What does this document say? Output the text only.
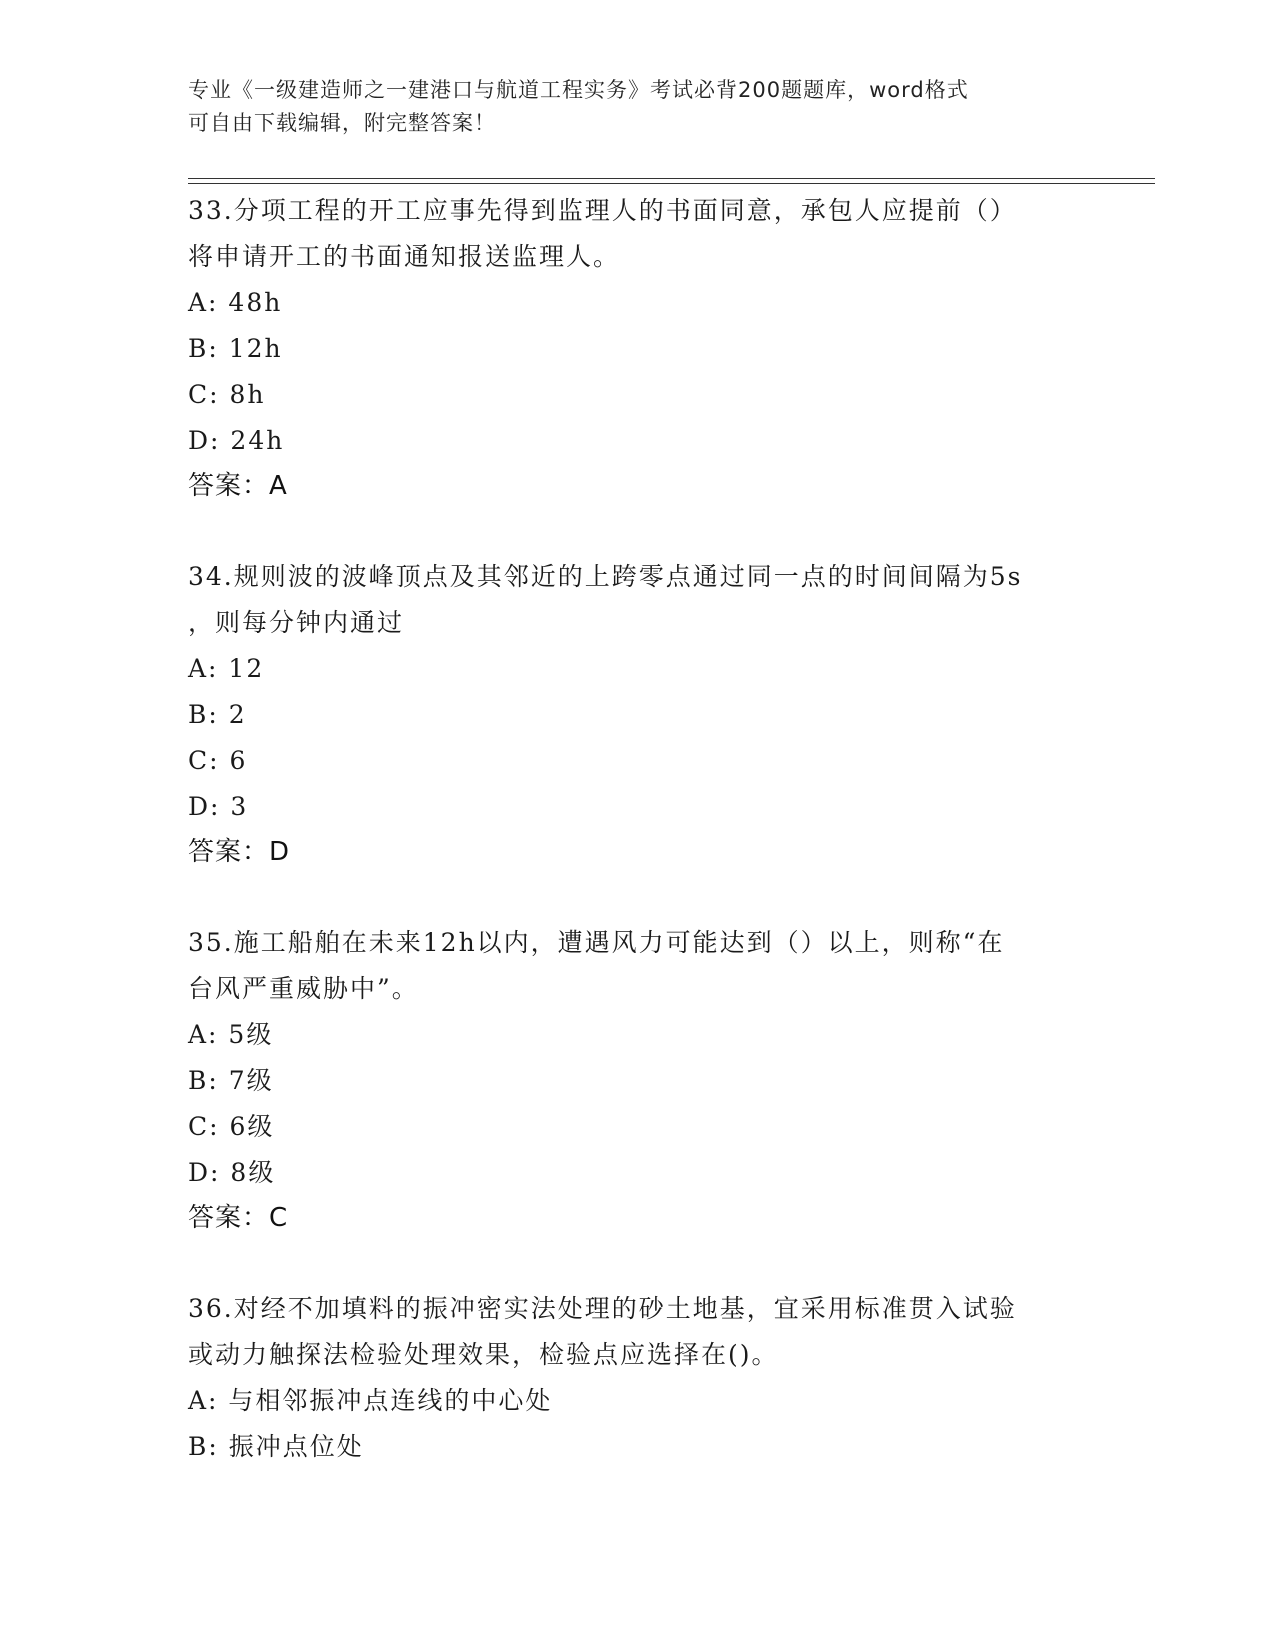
专业《一级建造师之一建港口与航道工程实务》考试必背200题题库，word格式
可自由下载编辑，附完整答案！
33.分项工程的开工应事先得到监理人的书面同意，承包人应提前（）
将申请开工的书面通知报送监理人。
A: 48h
B: 12h
C: 8h
D: 24h
答案：A
34.规则波的波峰顶点及其邻近的上跨零点通过同一点的时间间隔为5s
，则每分钟内通过
A: 12
B: 2
C: 6
D: 3
答案：D
35.施工船舶在未来12h以内，遭遇风力可能达到（）以上，则称“在
台风严重威胁中”。
A: 5级
B: 7级
C: 6级
D: 8级
答案：C
36.对经不加填料的振冲密实法处理的砂土地基，宜采用标准贯入试验
或动力触探法检验处理效果，检验点应选择在()。
A: 与相邻振冲点连线的中心处
B: 振冲点位处
